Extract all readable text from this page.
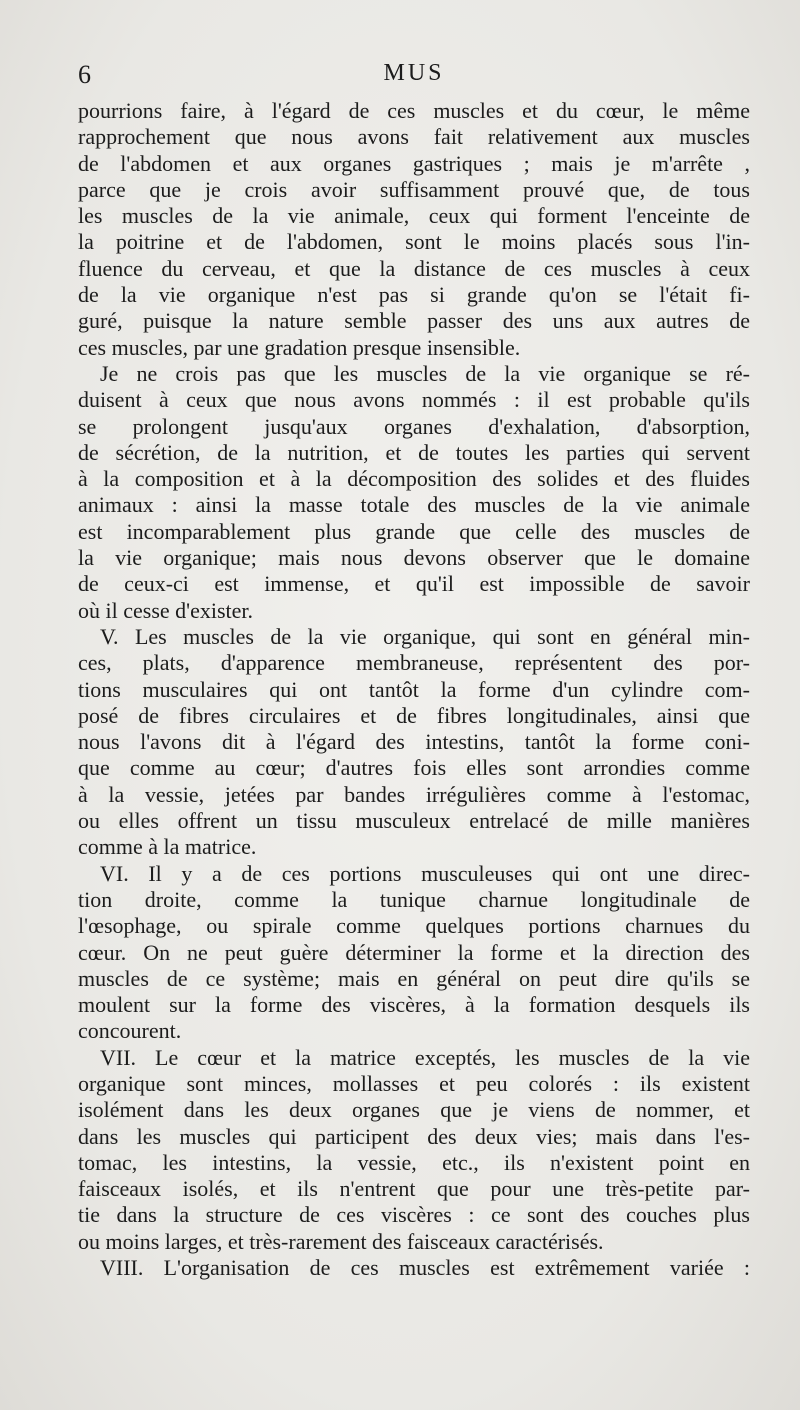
6	MUS
pourrions faire, à l'égard de ces muscles et du cœur, le même
rapprochement que nous avons fait relativement aux muscles
de l'abdomen et aux organes gastriques ; mais je m'arrête ,
parce que je crois avoir suffisamment prouvé que, de tous
les muscles de la vie animale, ceux qui forment l'enceinte de
la poitrine et de l'abdomen, sont le moins placés sous l'in-
fluence du cerveau, et que la distance de ces muscles à ceux
de la vie organique n'est pas si grande qu'on se l'était fi-
guré, puisque la nature semble passer des uns aux autres de
ces muscles, par une gradation presque insensible.
Je ne crois pas que les muscles de la vie organique se ré-
duisent à ceux que nous avons nommés : il est probable qu'ils
se prolongent jusqu'aux organes d'exhalation, d'absorption,
de sécrétion, de la nutrition, et de toutes les parties qui servent
à la composition et à la décomposition des solides et des fluides
animaux : ainsi la masse totale des muscles de la vie animale
est incomparablement plus grande que celle des muscles de
la vie organique; mais nous devons observer que le domaine
de ceux-ci est immense, et qu'il est impossible de savoir
où il cesse d'exister.
V. Les muscles de la vie organique, qui sont en général min-
ces, plats, d'apparence membraneuse, représentent des por-
tions musculaires qui ont tantôt la forme d'un cylindre com-
posé de fibres circulaires et de fibres longitudinales, ainsi que
nous l'avons dit à l'égard des intestins, tantôt la forme coni-
que comme au cœur; d'autres fois elles sont arrondies comme
à la vessie, jetées par bandes irrégulières comme à l'estomac,
ou elles offrent un tissu musculeux entrelacé de mille manières
comme à la matrice.
VI. Il y a de ces portions musculeuses qui ont une direc-
tion droite, comme la tunique charnue longitudinale de
l'œsophage, ou spirale comme quelques portions charnues du
cœur. On ne peut guère déterminer la forme et la direction des
muscles de ce système; mais en général on peut dire qu'ils se
moulent sur la forme des viscères, à la formation desquels ils
concourent.
VII. Le cœur et la matrice exceptés, les muscles de la vie
organique sont minces, mollasses et peu colorés : ils existent
isolément dans les deux organes que je viens de nommer, et
dans les muscles qui participent des deux vies; mais dans l'es-
tomac, les intestins, la vessie, etc., ils n'existent point en
faisceaux isolés, et ils n'entrent que pour une très-petite par-
tie dans la structure de ces viscères : ce sont des couches plus
ou moins larges, et très-rarement des faisceaux caractérisés.
VIII. L'organisation de ces muscles est extrêmement variée :
